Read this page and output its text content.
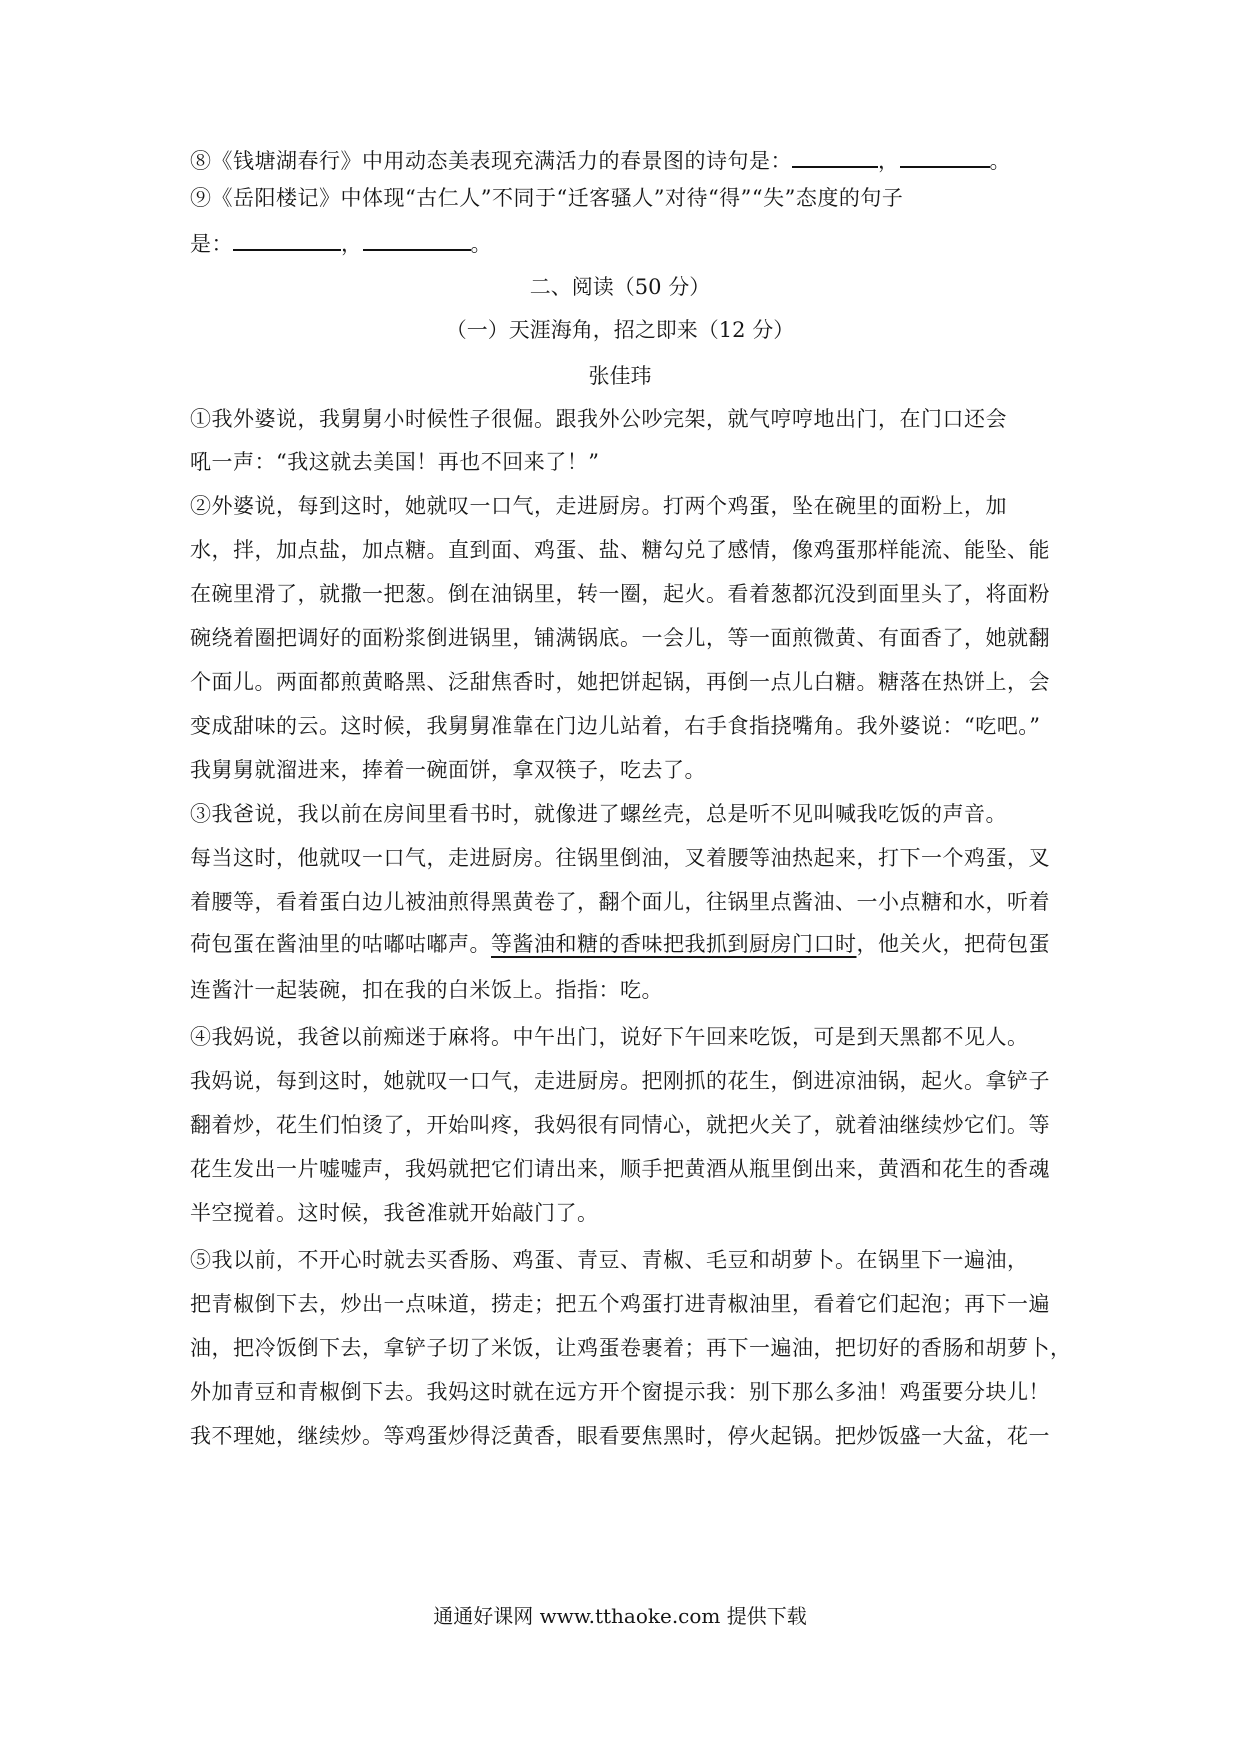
⑧《钱塘湖春行》中用动态美表现充满活力的春景图的诗句是：	，	。
⑨《岳阳楼记》中体现“古仁人”不同于“迁客骚人”对待“得”“失”态度的句子
是：	，	。
二、阅读（50 分）
（一）天涯海角，招之即来（12 分）
张佳玮
①我外婆说，我舅舅小时候性子很倔。跟我外公吵完架，就气哼哼地出门，在门口还会
吼一声：“我这就去美国！再也不回来了！”
②外婆说，每到这时，她就叹一口气，走进厨房。打两个鸡蛋，坠在碗里的面粉上，加
水，拌，加点盐，加点糖。直到面、鸡蛋、盐、糖勾兑了感情，像鸡蛋那样能流、能坠、能
在碗里滑了，就撒一把葱。倒在油锅里，转一圈，起火。看着葱都沉没到面里头了，将面粉
碗绕着圈把调好的面粉浆倒进锅里，铺满锅底。一会儿，等一面煎微黄、有面香了，她就翻
个面儿。两面都煎黄略黑、泛甜焦香时，她把饼起锅，再倒一点儿白糖。糖落在热饼上，会
变成甜味的云。这时候，我舅舅准靠在门边儿站着，右手食指挠嘴角。我外婆说：“吃吧。”
我舅舅就溜进来，捧着一碗面饼，拿双筷子，吃去了。
③我爸说，我以前在房间里看书时，就像进了螺丝壳，总是听不见叫喊我吃饭的声音。
每当这时，他就叹一口气，走进厨房。往锅里倒油，叉着腰等油热起来，打下一个鸡蛋，叉
着腰等，看着蛋白边儿被油煎得黑黄卷了，翻个面儿，往锅里点酱油、一小点糖和水，听着
荷包蛋在酱油里的咕嘟咕嘟声。等酱油和糖的香味把我抓到厨房门口时，他关火，把荷包蛋
连酱汁一起装碗，扣在我的白米饭上。指指：吃。
④我妈说，我爸以前痴迷于麻将。中午出门，说好下午回来吃饭，可是到天黑都不见人。
我妈说，每到这时，她就叹一口气，走进厨房。把刚抓的花生，倒进凉油锅，起火。拿铲子
翻着炒，花生们怕烫了，开始叫疼，我妈很有同情心，就把火关了，就着油继续炒它们。等
花生发出一片嘘嘘声，我妈就把它们请出来，顺手把黄酒从瓶里倒出来，黄酒和花生的香魂
半空搅着。这时候，我爸准就开始敲门了。
⑤我以前，不开心时就去买香肠、鸡蛋、青豆、青椒、毛豆和胡萝卜。在锅里下一遍油，
把青椒倒下去，炒出一点味道，捞走；把五个鸡蛋打进青椒油里，看着它们起泡；再下一遍
油，把冷饭倒下去，拿铲子切了米饭，让鸡蛋卷裹着；再下一遍油，把切好的香肠和胡萝卜，
外加青豆和青椒倒下去。我妈这时就在远方开个窗提示我：别下那么多油！鸡蛋要分块儿！
我不理她，继续炒。等鸡蛋炒得泛黄香，眼看要焦黑时，停火起锅。把炒饭盛一大盆，花一
通通好课网 www.tthaoke.com 提供下载
